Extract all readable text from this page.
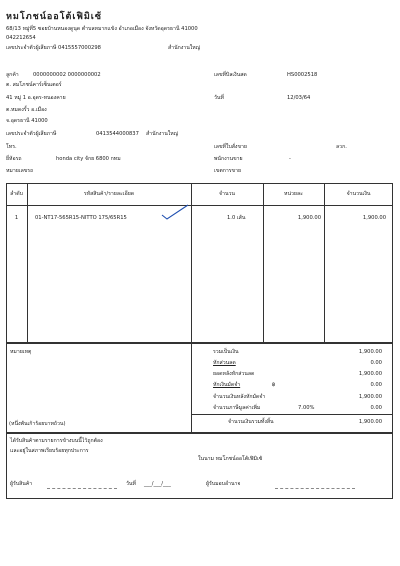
หมโภชน์ออโต้เฟิมิเซ้
68/13 หมู่ที่5 ซอยบ้านหนองดูนุด ตำบลหมากแข้ง อำเภอเมือง จังหวัดอุดรธานี 41000
042212654
เลขประจำตัวผู้เสียภาษี 0415557000298	สำนักงานใหญ่
ลูกค้า	0000000002 0000000002
ต. สมโภชน์คาร์เซ็นเตอร์
41 หมู่ 1 อ.อุดร-หนองคาย
ต.หมดงรั้ว อ.เมือง
จ.อุดรธานี 41000
เลขประจำตัวผู้เสียภาษี	0413544000837 สำนักงานใหญ่
โทร.
ยี่ห้อรถ	honda city จักย 6800 กทม
หมายเลขรถ
เลขที่บิลเงินสด	HS0002518
วันที่	12/03/64
เลขที่ใบสั่งขาย	ลวก.
พนักงานขาย	-
เขตการขาย
ลำดับ	รหัสสินค้า/รายละเอียด	จำนวน	หน่วยละ	จำนวนเงิน
1	01-NT17-565R15-NITTO 175/65R15	1.0 เส้น	1,900.00	1,900.00
หมายเหตุ
(หนึ่งพันเก้าร้อยบาทถ้วน)
รวมเป็นเงิน	1,900.00
หักส่วนลด	0.00
ยอดหลังหักส่วนลด	1,900.00
หักเงินมัดจำ	฿	0.00
จำนวนเงินหลังหักมัดจำ	1,900.00
จำนวนภาษีมูลค่าเพิ่ม	7.00%	0.00
จำนวนเงินรวมทั้งสิ้น	1,900.00
ได้รับสินค้าตามรายการข้างบนนี้ไว้ถูกต้อง
และอยู่ในสภาพเรียบร้อยทุกประการ
ในนาม หมโภชน์ออโต้เฟิมิเซ้
ผู้รับสินค้า	วันที่ ___/___/___	ผู้รับมอบอำนาจ
